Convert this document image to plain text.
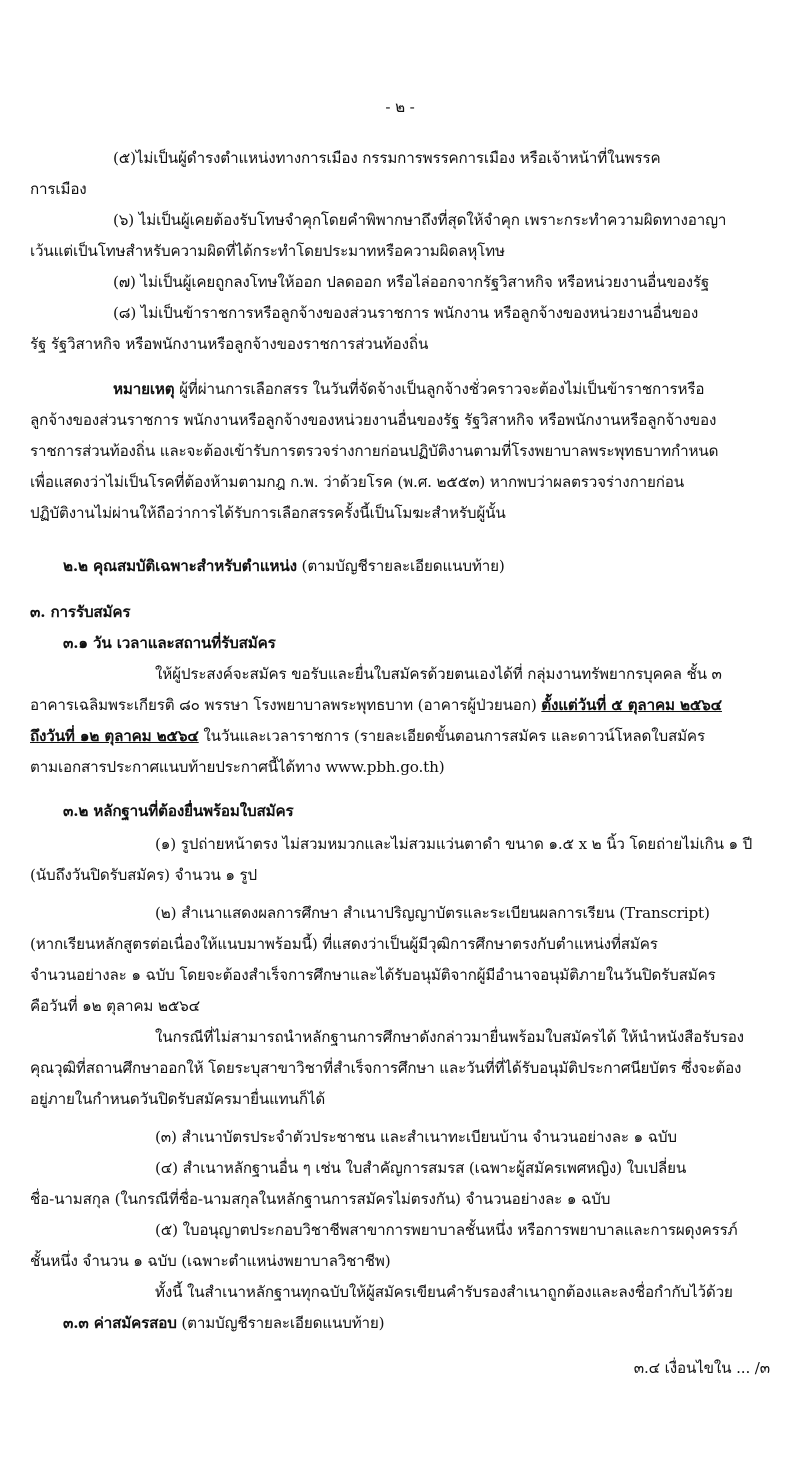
- ๒ -
(๕)ไม่เป็นผู้ดำรงตำแหน่งทางการเมือง กรรมการพรรคการเมือง หรือเจ้าหน้าที่ในพรรค
การเมือง
(๖) ไม่เป็นผู้เคยต้องรับโทษจำคุกโดยคำพิพากษาถึงที่สุดให้จำคุก เพราะกระทำความผิดทางอาญา
เว้นแต่เป็นโทษสำหรับความผิดที่ได้กระทำโดยประมาทหรือความผิดลหุโทษ
(๗) ไม่เป็นผู้เคยถูกลงโทษให้ออก ปลดออก หรือไล่ออกจากรัฐวิสาหกิจ หรือหน่วยงานอื่นของรัฐ
(๘) ไม่เป็นข้าราชการหรือลูกจ้างของส่วนราชการ พนักงาน หรือลูกจ้างของหน่วยงานอื่นของ
รัฐ รัฐวิสาหกิจ หรือพนักงานหรือลูกจ้างของราชการส่วนท้องถิ่น
หมายเหตุ ผู้ที่ผ่านการเลือกสรร ในวันที่จัดจ้างเป็นลูกจ้างชั่วคราวจะต้องไม่เป็นข้าราชการหรือ
ลูกจ้างของส่วนราชการ พนักงานหรือลูกจ้างของหน่วยงานอื่นของรัฐ รัฐวิสาหกิจ หรือพนักงานหรือลูกจ้างของ
ราชการส่วนท้องถิ่น และจะต้องเข้ารับการตรวจร่างกายก่อนปฏิบัติงานตามที่โรงพยาบาลพระพุทธบาทกำหนด
เพื่อแสดงว่าไม่เป็นโรคที่ต้องห้ามตามกฎ ก.พ. ว่าด้วยโรค (พ.ศ. ๒๕๕๓) หากพบว่าผลตรวจร่างกายก่อน
ปฏิบัติงานไม่ผ่านให้ถือว่าการได้รับการเลือกสรรครั้งนี้เป็นโมฆะสำหรับผู้นั้น
๒.๒ คุณสมบัติเฉพาะสำหรับตำแหน่ง (ตามบัญชีรายละเอียดแนบท้าย)
๓. การรับสมัคร
๓.๑ วัน เวลาและสถานที่รับสมัคร
ให้ผู้ประสงค์จะสมัคร ขอรับและยื่นใบสมัครด้วยตนเองได้ที่ กลุ่มงานทรัพยากรบุคคล ชั้น ๓
อาคารเฉลิมพระเกียรติ ๘๐ พรรษา โรงพยาบาลพระพุทธบาท (อาคารผู้ป่วยนอก) ตั้งแต่วันที่ ๕ ตุลาคม ๒๕๖๔
ถึงวันที่ ๑๒ ตุลาคม ๒๕๖๔ ในวันและเวลาราชการ (รายละเอียดขั้นตอนการสมัคร และดาวน์โหลดใบสมัคร
ตามเอกสารประกาศแนบท้ายประกาศนี้ได้ทาง www.pbh.go.th)
๓.๒ หลักฐานที่ต้องยื่นพร้อมใบสมัคร
(๑) รูปถ่ายหน้าตรง ไม่สวมหมวกและไม่สวมแว่นตาดำ ขนาด ๑.๕ x ๒ นิ้ว โดยถ่ายไม่เกิน ๑ ปี
(นับถึงวันปิดรับสมัคร) จำนวน ๑ รูป
(๒) สำเนาแสดงผลการศึกษา สำเนาปริญญาบัตรและระเบียนผลการเรียน (Transcript)
(หากเรียนหลักสูตรต่อเนื่องให้แนบมาพร้อมนี้) ที่แสดงว่าเป็นผู้มีวุฒิการศึกษาตรงกับตำแหน่งที่สมัคร
จำนวนอย่างละ ๑ ฉบับ โดยจะต้องสำเร็จการศึกษาและได้รับอนุมัติจากผู้มีอำนาจอนุมัติภายในวันปิดรับสมัคร
คือวันที่ ๑๒ ตุลาคม ๒๕๖๔
ในกรณีที่ไม่สามารถนำหลักฐานการศึกษาดังกล่าวมายื่นพร้อมใบสมัครได้ ให้นำหนังสือรับรอง
คุณวุฒิที่สถานศึกษาออกให้ โดยระบุสาขาวิชาที่สำเร็จการศึกษา และวันที่ที่ได้รับอนุมัติประกาศนียบัตร ซึ่งจะต้อง
อยู่ภายในกำหนดวันปิดรับสมัครมายื่นแทนก็ได้
(๓) สำเนาบัตรประจำตัวประชาชน และสำเนาทะเบียนบ้าน จำนวนอย่างละ ๑ ฉบับ
(๔) สำเนาหลักฐานอื่น ๆ เช่น ใบสำคัญการสมรส (เฉพาะผู้สมัครเพศหญิง) ใบเปลี่ยน
ชื่อ-นามสกุล (ในกรณีที่ชื่อ-นามสกุลในหลักฐานการสมัครไม่ตรงกัน) จำนวนอย่างละ ๑ ฉบับ
(๕) ใบอนุญาตประกอบวิชาชีพสาขาการพยาบาลชั้นหนึ่ง หรือการพยาบาลและการผดุงครรภ์
ชั้นหนึ่ง จำนวน ๑ ฉบับ (เฉพาะตำแหน่งพยาบาลวิชาชีพ)
ทั้งนี้ ในสำเนาหลักฐานทุกฉบับให้ผู้สมัครเขียนคำรับรองสำเนาถูกต้องและลงชื่อกำกับไว้ด้วย
๓.๓ ค่าสมัครสอบ (ตามบัญชีรายละเอียดแนบท้าย)
๓.๔ เงื่อนไขใน ... /๓
